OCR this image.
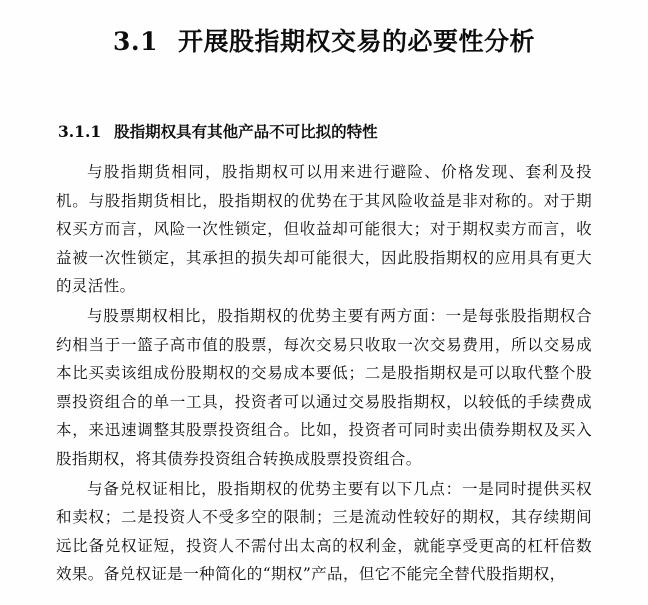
3.1 开展股指期权交易的必要性分析
3.1.1 股指期权具有其他产品不可比拟的特性

与股指期货相同，股指期权可以用来进行避险、价格发现、套利及投机。与股指期货相比，股指期权的优势在于其风险收益是非对称的。对于期权买方而言，风险一次性锁定，但收益却可能很大；对于期权卖方而言，收益被一次性锁定，其承担的损失却可能很大，因此股指期权的应用具有更大的灵活性。

与股票期权相比，股指期权的优势主要有两方面：一是每张股指期权合约相当于一篮子高市值的股票，每次交易只收取一次交易费用，所以交易成本比买卖该组成份股期权的交易成本要低；二是股指期权是可以取代整个股票投资组合的单一工具，投资者可以通过交易股指期权，以较低的手续费成本，来迅速调整其股票投资组合。比如，投资者可同时卖出债券期权及买入股指期权，将其债券投资组合转换成股票投资组合。

与备兑权证相比，股指期权的优势主要有以下几点：一是同时提供买权和卖权；二是投资人不受多空的限制；三是流动性较好的期权，其存续期间远比备兑权证短，投资人不需付出太高的权利金，就能享受更高的杠杆倍数效果。备兑权证是一种简化的“期权”产品，但它不能完全替代股指期权，
